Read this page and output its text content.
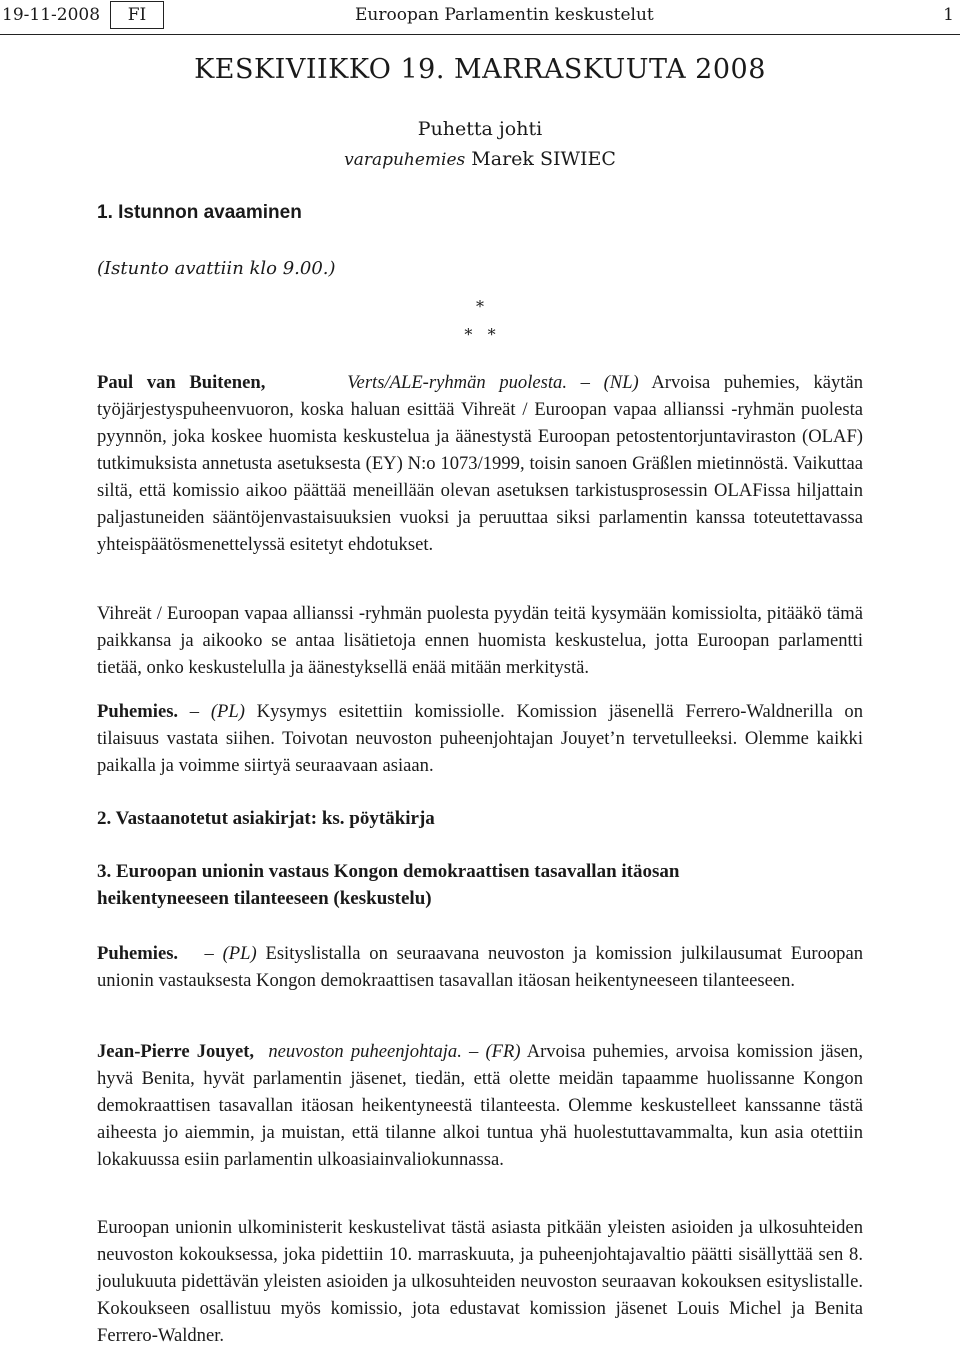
19-11-2008	FI	Euroopan Parlamentin keskustelut	1
KESKIVIIKKO 19. MARRASKUUTA 2008
Puhetta johti
varapuhemies Marek SIWIEC
1. Istunnon avaaminen
(Istunto avattiin klo 9.00.)
*
*   *

Paul van Buitenen,	Verts/ALE-ryhmän puolesta. – (NL) Arvoisa puhemies, käytän työjärjestyspuheenvuoron, koska haluan esittää Vihreät / Euroopan vapaa allianssi -ryhmän puolesta pyynnön, joka koskee huomista keskustelua ja äänestystä Euroopan petostentorjuntaviraston (OLAF) tutkimuksista annetusta asetuksesta (EY) N:o 1073/1999, toisin sanoen Gräßlen mietinnöstä. Vaikuttaa siltä, että komissio aikoo päättää meneillään olevan asetuksen tarkistusprosessin OLAFissa hiljattain paljastuneiden sääntöjenvastaisuuksien vuoksi ja peruuttaa siksi parlamentin kanssa toteutettavassa yhteispäätösmenettelyssä esitetyt ehdotukset.

Vihreät / Euroopan vapaa allianssi -ryhmän puolesta pyydän teitä kysymään komissiolta, pitääkö tämä paikkansa ja aikooko se antaa lisätietoja ennen huomista keskustelua, jotta Euroopan parlamentti tietää, onko keskustelulla ja äänestyksellä enää mitään merkitystä.

Puhemies. – (PL) Kysymys esitettiin komissiolle. Komission jäsenellä Ferrero-Waldnerilla on tilaisuus vastata siihen. Toivotan neuvoston puheenjohtajan Jouyet’n tervetulleeksi. Olemme kaikki paikalla ja voimme siirtyä seuraavaan asiaan.

2. Vastaanotetut asiakirjat: ks. pöytäkirja
3. Euroopan unionin vastaus Kongon demokraattisen tasavallan itäosan heikentyneeseen tilanteeseen (keskustelu)

Puhemies.   – (PL) Esityslistalla on seuraavana neuvoston ja komission julkilausumat Euroopan unionin vastauksesta Kongon demokraattisen tasavallan itäosan heikentyneeseen tilanteeseen.

Jean-Pierre Jouyet, neuvoston puheenjohtaja. – (FR) Arvoisa puhemies, arvoisa komission jäsen, hyvä Benita, hyvät parlamentin jäsenet, tiedän, että olette meidän tapaamme huolissanne Kongon demokraattisen tasavallan itäosan heikentyneestä tilanteesta. Olemme keskustelleet kanssanne tästä aiheesta jo aiemmin, ja muistan, että tilanne alkoi tuntua yhä huolestuttavammalta, kun asia otettiin lokakuussa esiin parlamentin ulkoasiainvaliokunnassa.

Euroopan unionin ulkoministerit keskustelivat tästä asiasta pitkään yleisten asioiden ja ulkosuhteiden neuvoston kokouksessa, joka pidettiin 10. marraskuuta, ja puheenjohtajavaltio päätti sisällyttää sen 8. joulukuuta pidettävän yleisten asioiden ja ulkosuhteiden neuvoston seuraavan kokouksen esityslistalle. Kokoukseen osallistuu myös komissio, jota edustavat komission jäsenet Louis Michel ja Benita Ferrero-Waldner.
